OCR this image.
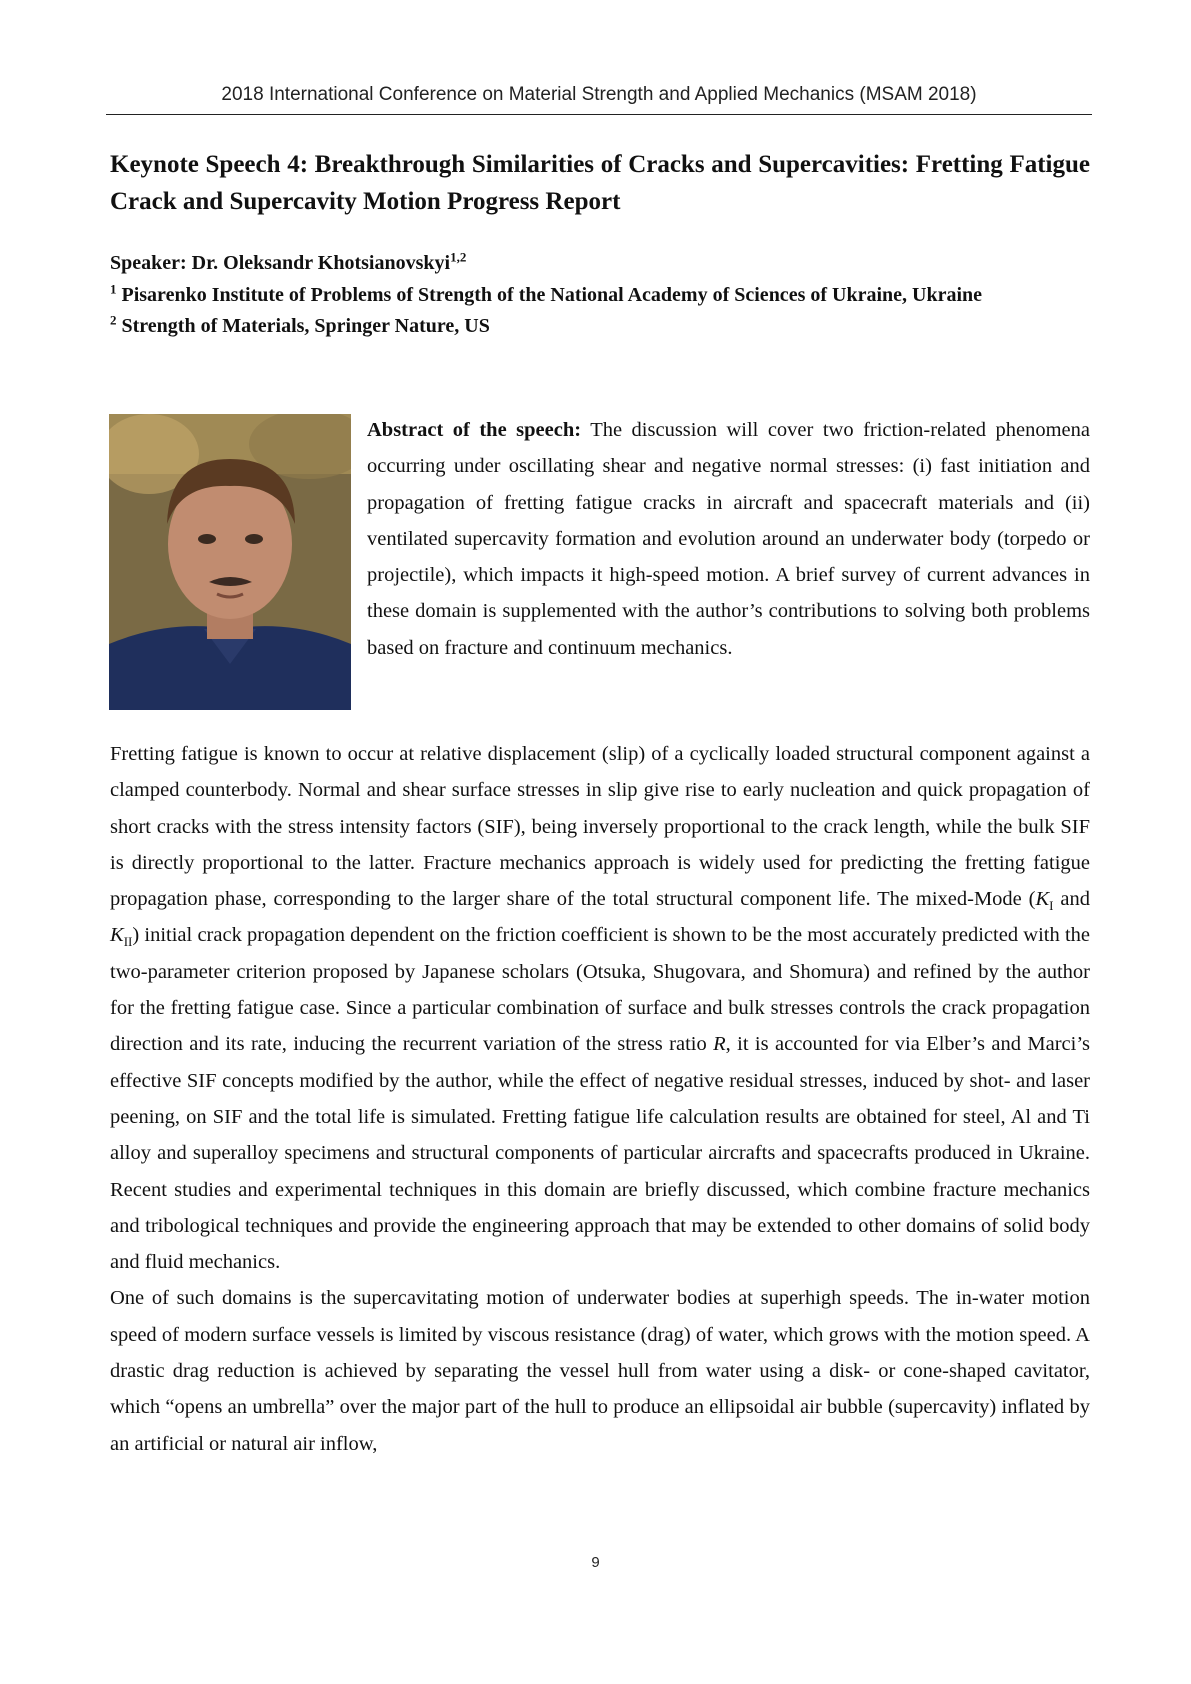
2018 International Conference on Material Strength and Applied Mechanics (MSAM 2018)
Keynote Speech 4: Breakthrough Similarities of Cracks and Supercavities: Fretting Fatigue Crack and Supercavity Motion Progress Report

Speaker: Dr. Oleksandr Khotsianovskyi$^{1,2}$

$^1$ Pisarenko Institute of Problems of Strength of the National Academy of Sciences of Ukraine, Ukraine

$^2$ Strength of Materials, Springer Nature, US

Abstract of the speech: The discussion will cover two friction-related phenomena occurring under oscillating shear and negative normal stresses: (i) fast initiation and propagation of fretting fatigue cracks in aircraft and spacecraft materials and (ii) ventilated supercavity formation and evolution around an underwater body (torpedo or projectile), which impacts it high-speed motion. A brief survey of current advances in these domain is supplemented with the author’s contributions to solving both problems based on fracture and continuum mechanics.

Fretting fatigue is known to occur at relative displacement (slip) of a cyclically loaded structural component against a clamped counterbody. Normal and shear surface stresses in slip give rise to early nucleation and quick propagation of short cracks with the stress intensity factors (SIF), being inversely proportional to the crack length, while the bulk SIF is directly proportional to the latter. Fracture mechanics approach is widely used for predicting the fretting fatigue propagation phase, corresponding to the larger share of the total structural component life. The mixed-Mode ($K_I$ and $K_{II}$) initial crack propagation dependent on the friction coefficient is shown to be the most accurately predicted with the two-parameter criterion proposed by Japanese scholars (Otsuka, Shugovara, and Shomura) and refined by the author for the fretting fatigue case. Since a particular combination of surface and bulk stresses controls the crack propagation direction and its rate, inducing the recurrent variation of the stress ratio R, it is accounted for via Elber’s and Marci’s effective SIF concepts modified by the author, while the effect of negative residual stresses, induced by shot- and laser peening, on SIF and the total life is simulated. Fretting fatigue life calculation results are obtained for steel, Al and Ti alloy and superalloy specimens and structural components of particular aircrafts and spacecrafts produced in Ukraine. Recent studies and experimental techniques in this domain are briefly discussed, which combine fracture mechanics and tribological techniques and provide the engineering approach that may be extended to other domains of solid body and fluid mechanics.

One of such domains is the supercavitating motion of underwater bodies at superhigh speeds. The in-water motion speed of modern surface vessels is limited by viscous resistance (drag) of water, which grows with the motion speed. A drastic drag reduction is achieved by separating the vessel hull from water using a disk- or cone-shaped cavitator, which “opens an umbrella” over the major part of the hull to produce an ellipsoidal air bubble (supercavity) inflated by an artificial or natural air inflow,

9
